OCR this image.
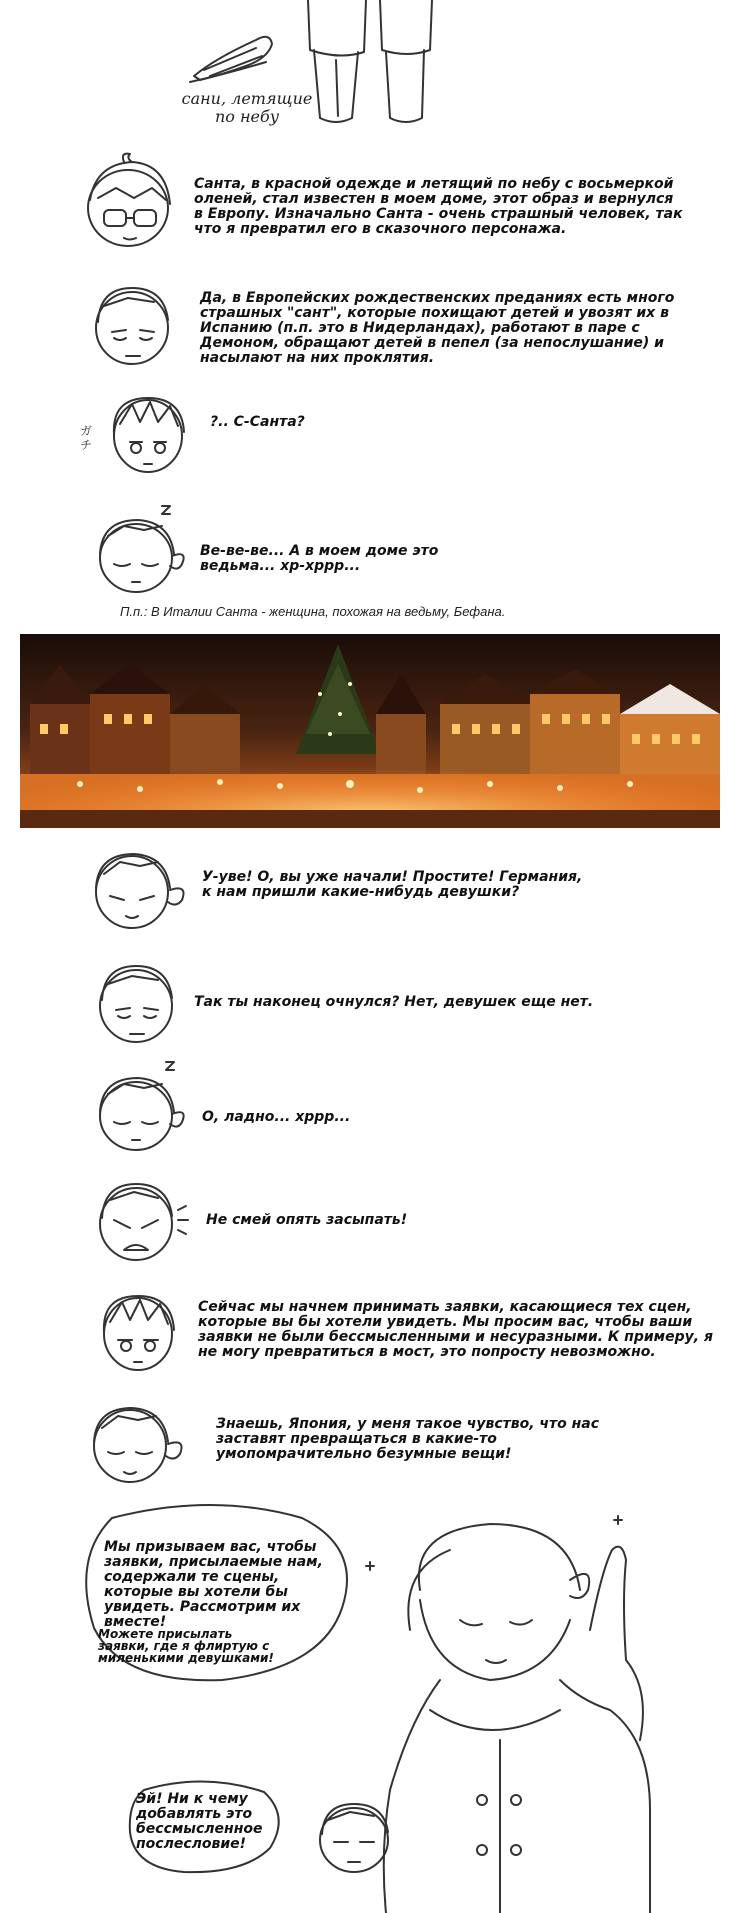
сани, летящие
по небу
Санта, в красной одежде и летящий по небу с восьмеркой
оленей, стал известен в моем доме, этот образ и вернулся
в Европу. Изначально Санта - очень страшный человек, так
что я превратил его в сказочного персонажа.
Да, в Европейских рождественских преданиях есть много
страшных "сант", которые похищают детей и увозят их в
Испанию (п.п. это в Нидерландах), работают в паре с
Демоном, обращают детей в пепел (за непослушание) и
насылают на них проклятия.
ガ
チ
?.. С-Санта?
Ве-ве-ве... А в моем доме это
ведьма... хр-хррр...
П.п.: В Италии Санта - женщина, похожая на ведьму, Бефана.
У-уве! О, вы уже начали! Простите! Германия,
к нам пришли какие-нибудь девушки?
Так ты наконец очнулся? Нет, девушек еще нет.
О, ладно... хррр...
Не смей опять засыпать!
Сейчас мы начнем принимать заявки, касающиеся тех сцен,
которые вы бы хотели увидеть. Мы просим вас, чтобы ваши
заявки не были бессмысленными и несуразными. К примеру, я
не могу превратиться в мост, это попросту невозможно.
Знаешь, Япония, у меня такое чувство, что нас
заставят превращаться в какие-то
умопомрачительно безумные вещи!
Мы призываем вас, чтобы
заявки, присылаемые нам,
содержали те сцены,
которые вы хотели бы
увидеть. Рассмотрим их
вместе!
Можете присылать
заявки, где я флиртую с
миленькими девушками!
Эй! Ни к чему
добавлять это
бессмысленное
послесловие!
